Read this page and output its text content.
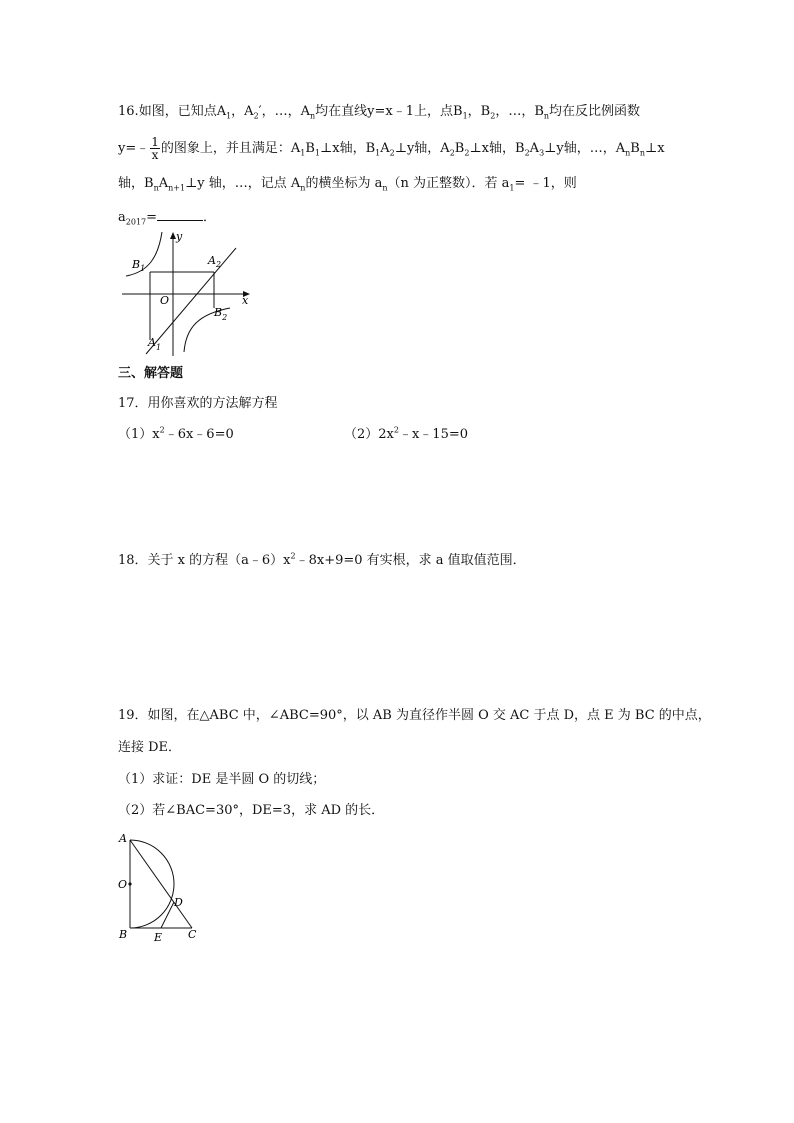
16.如图，已知点$A_1$，$A_2'$，…，$A_n$均在直线y=x﹣1上，点$B_1$，$B_2$，…，$B_n$均在反比例函数
y=﹣ $\frac{1}{x}$ 的图象上，并且满足：$A_1B_1\perp x$轴，$B_1A_2\perp y$轴，$A_2B_2\perp x$轴，$B_2A_3\perp y$轴，…，$A_nB_n\perp x$
轴，$B_nA_{n+1}\perp y$ 轴，…，记点 $A_n$的横坐标为 $a_n(n$ 为正整数）．若 $a_1=$ ﹣1，则
$a_{2017}=$	．
y
x
O
$B_1$
$A_2$
$B_2$
$A_1$
三、解答题
17．用你喜欢的方法解方程
$(1)x^2﹣6x﹣6=0$	$(2)2x^2﹣x﹣15=0$
18．关于 x 的方程$(a﹣6)x^2﹣8x+9=0$ 有实根，求 a 值取值范围．
19．如图，在△ABC 中，∠ABC=90°，以 AB 为直径作半圆 O 交 AC 于点 D，点 E 为 BC 的中点，
连接 DE．
（1）求证：DE 是半圆 O 的切线；
（2）若∠BAC=30°，DE=3，求 AD 的长．
A
O
D
B E C
